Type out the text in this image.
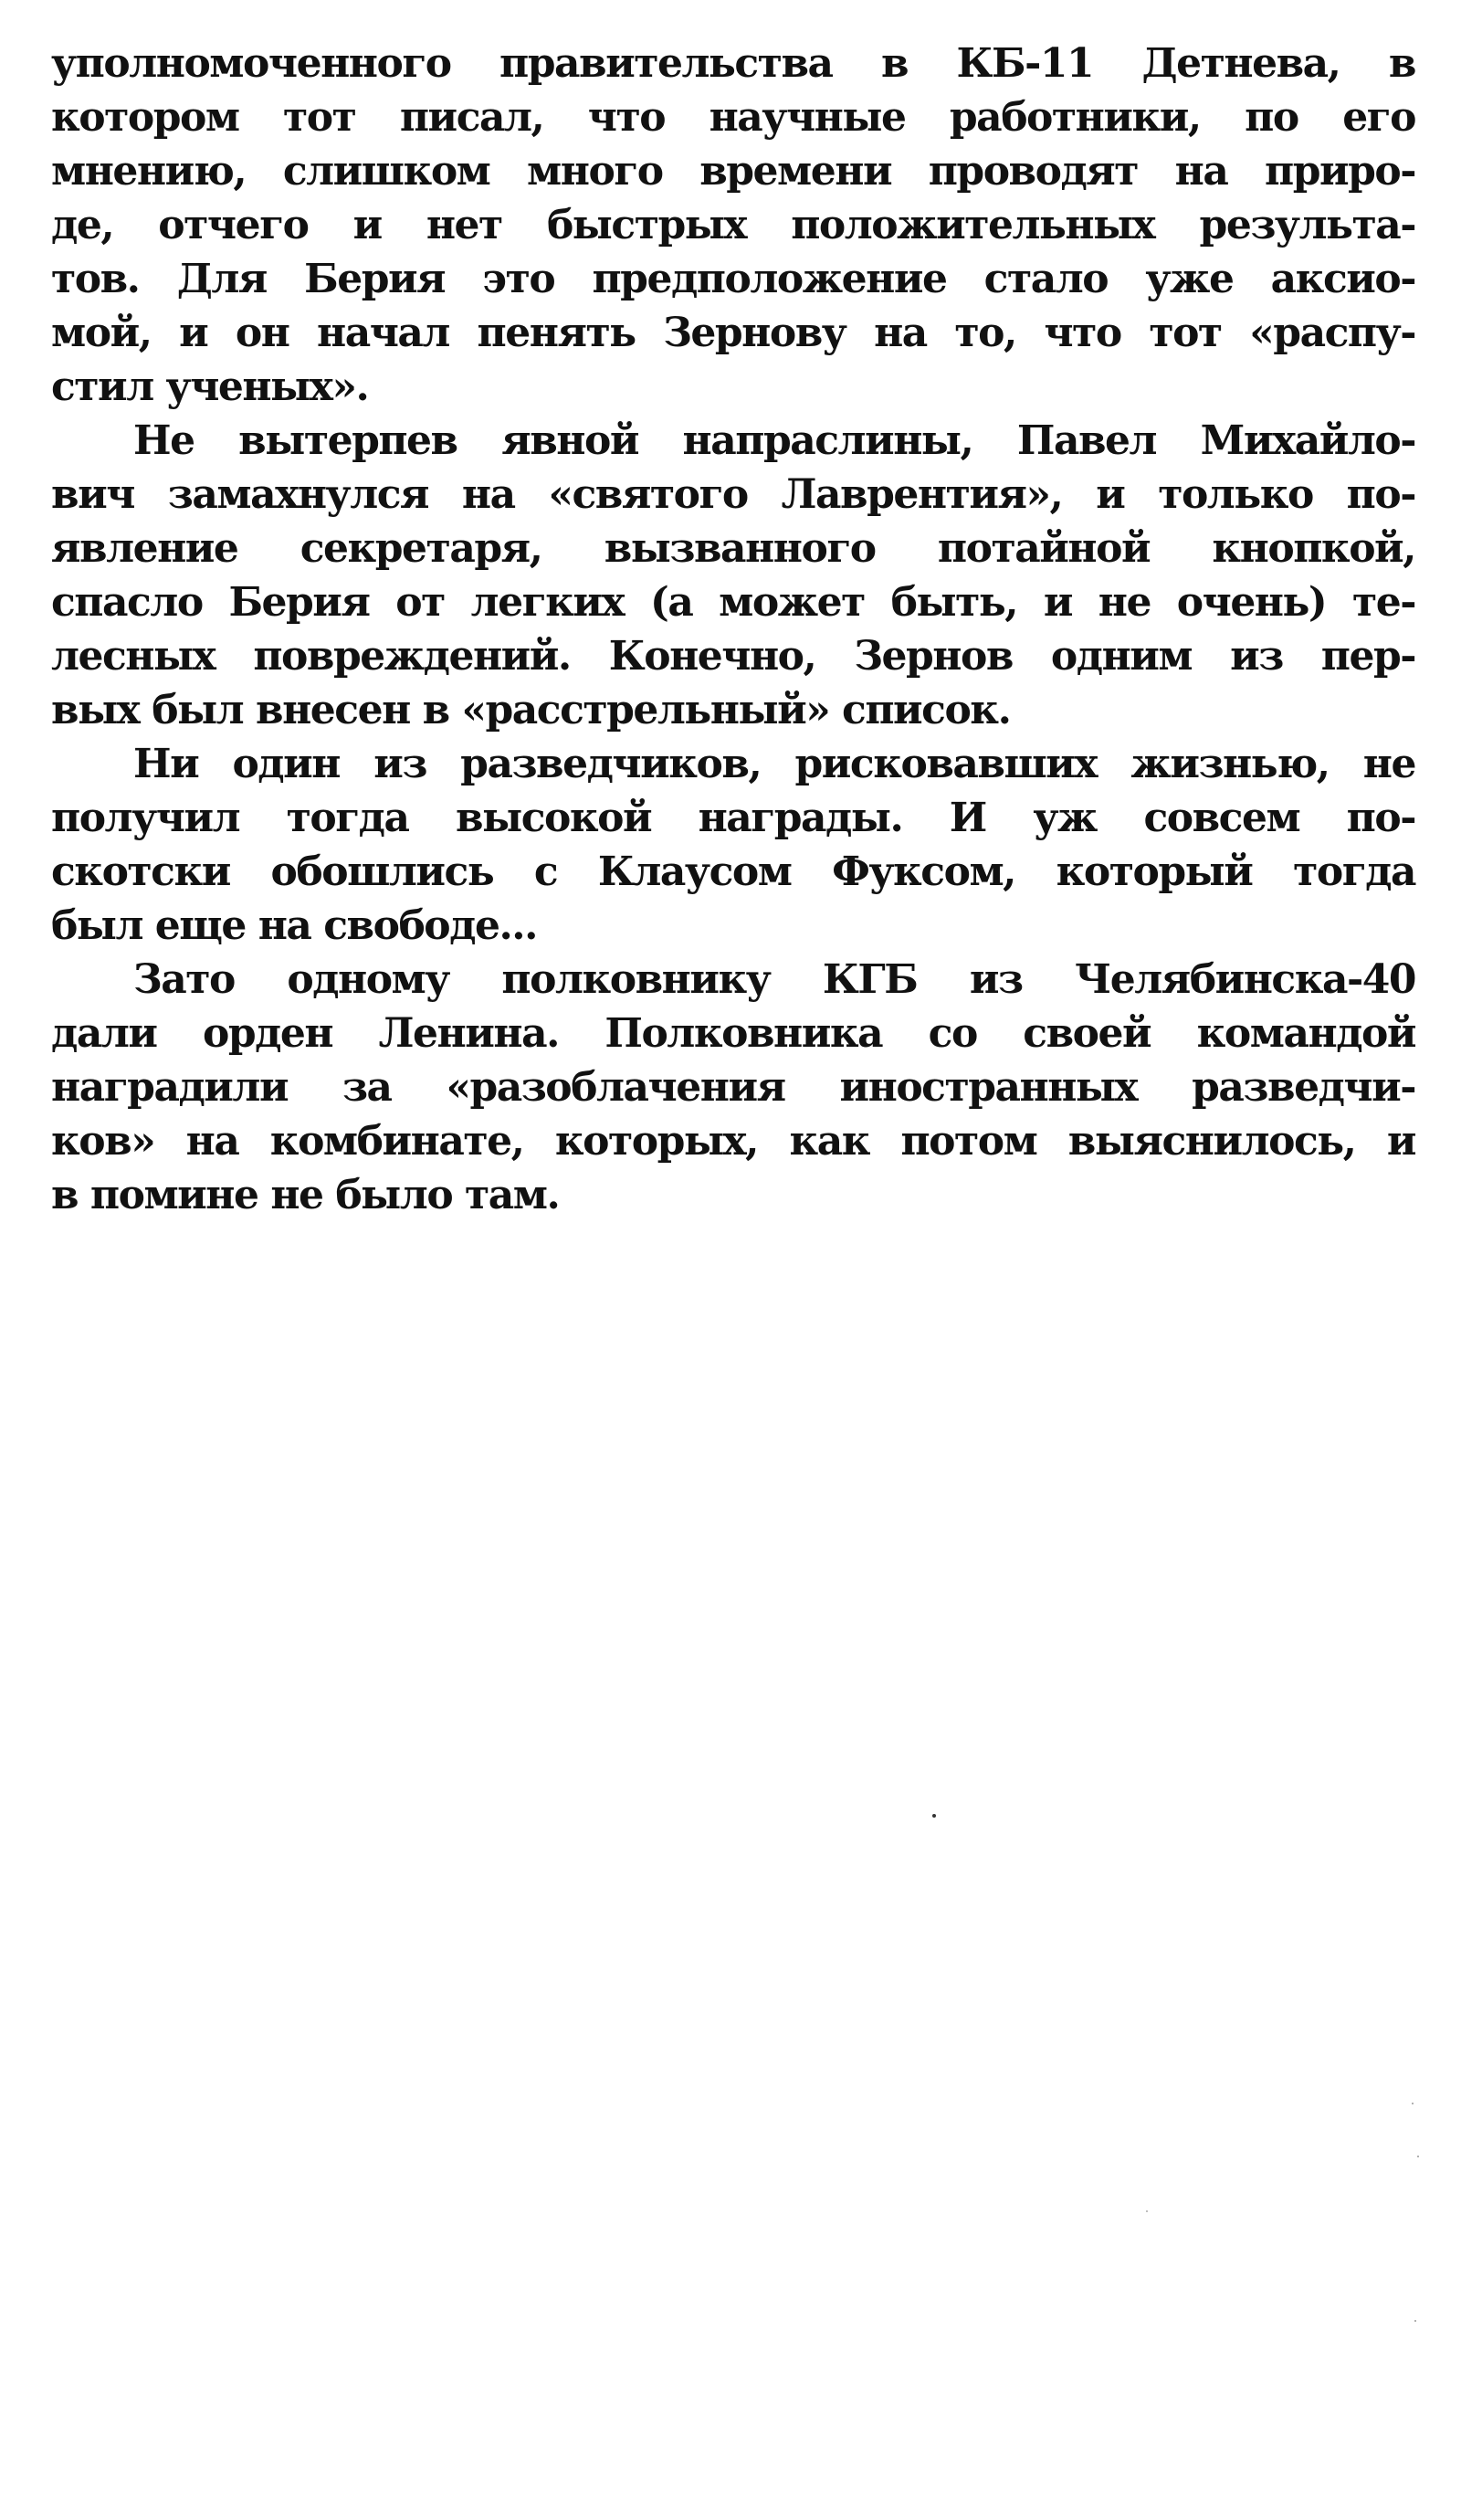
уполномоченного правительства в КБ-11 Детнева, в
котором тот писал, что научные работники, по его
мнению, слишком много времени проводят на приро-
де, отчего и нет быстрых положительных результа-
тов. Для Берия это предположение стало уже аксио-
мой, и он начал пенять Зернову на то, что тот «распу-
стил ученых».
Не вытерпев явной напраслины, Павел Михайло-
вич замахнулся на «святого Лаврентия», и только по-
явление секретаря, вызванного потайной кнопкой,
спасло Берия от легких (а может быть, и не очень) те-
лесных повреждений. Конечно, Зернов одним из пер-
вых был внесен в «расстрельный» список.
Ни один из разведчиков, рисковавших жизнью, не
получил тогда высокой награды. И уж совсем по-
скотски обошлись с Клаусом Фуксом, который тогда
был еще на свободе...
Зато одному полковнику КГБ из Челябинска-40
дали орден Ленина. Полковника со своей командой
наградили за «разоблачения иностранных разведчи-
ков» на комбинате, которых, как потом выяснилось, и
в помине не было там.
